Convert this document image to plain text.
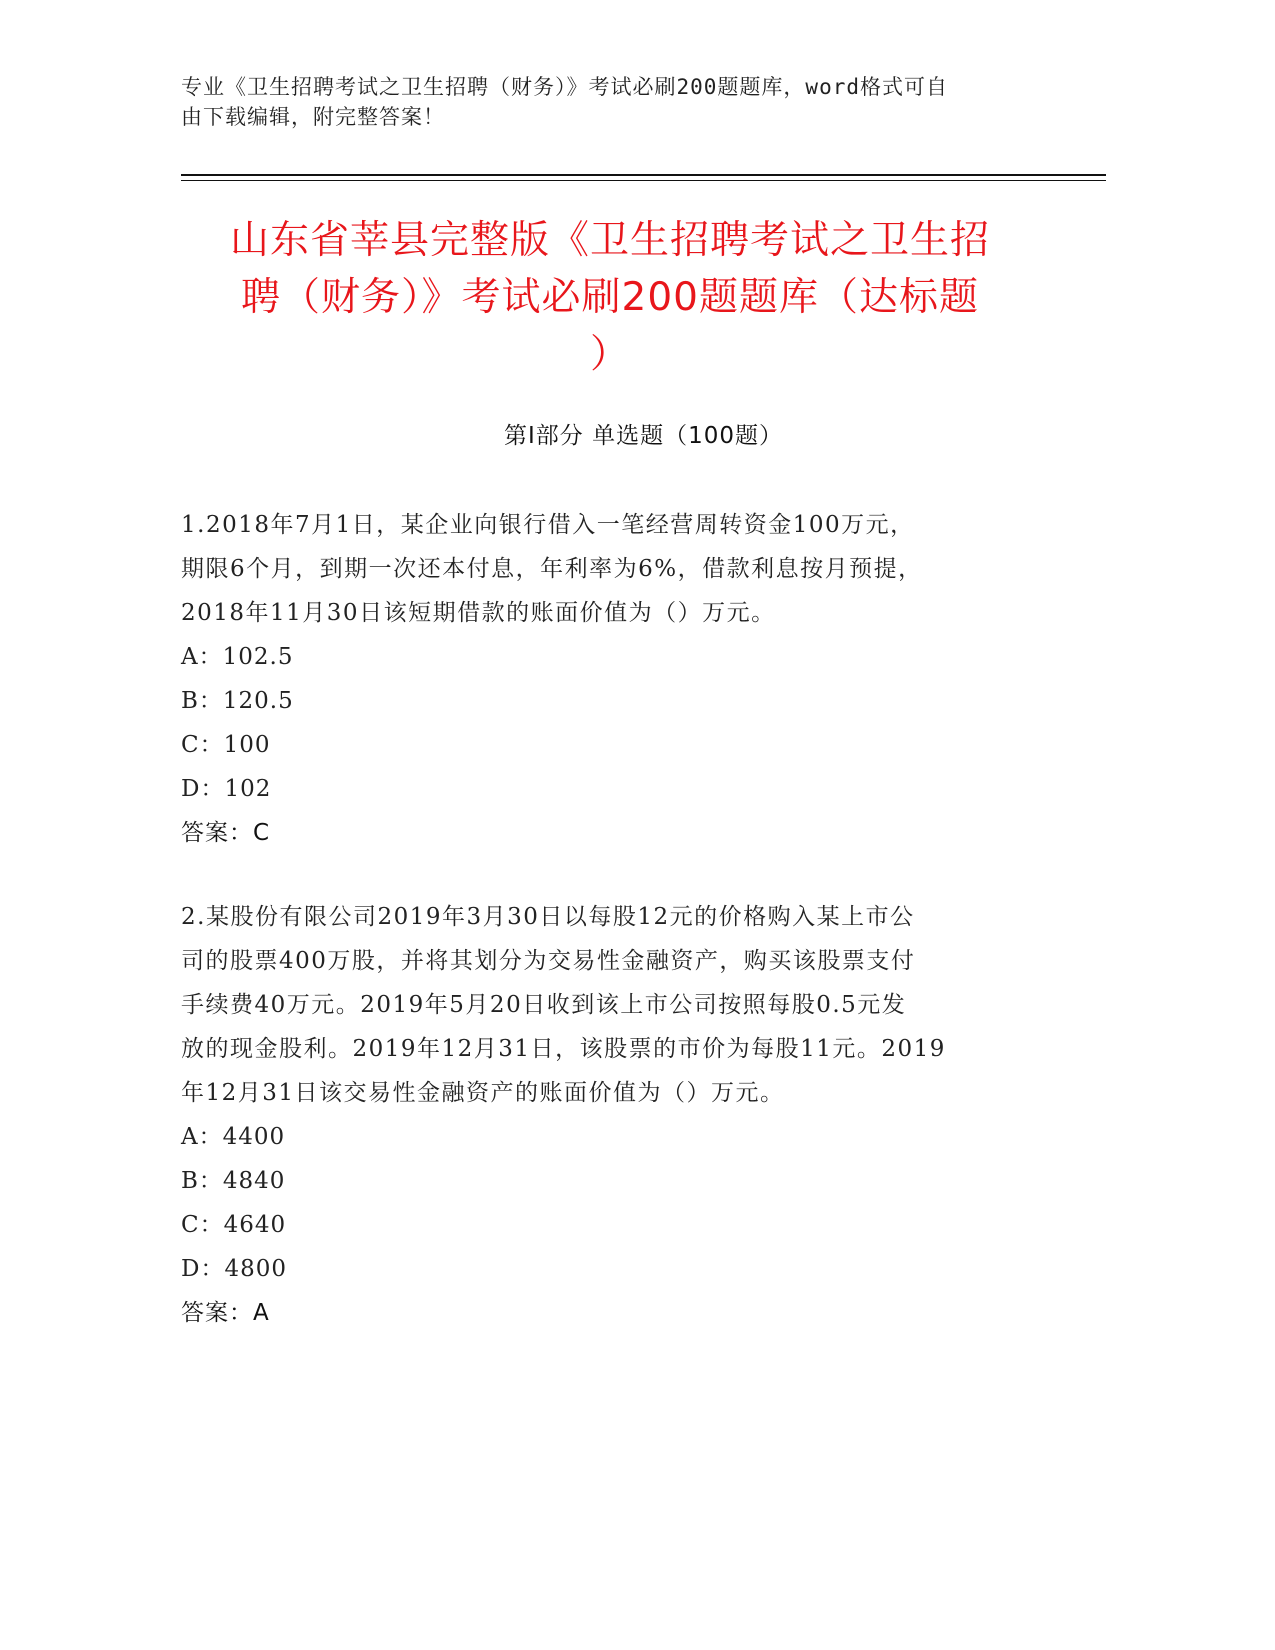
专业《卫生招聘考试之卫生招聘（财务）》考试必刷200题题库，word格式可自
由下载编辑，附完整答案！
山东省莘县完整版《卫生招聘考试之卫生招
聘（财务）》考试必刷200题题库（达标题
）
第I部分 单选题（100题）
1.2018年7月1日，某企业向银行借入一笔经营周转资金100万元，
期限6个月，到期一次还本付息，年利率为6%，借款利息按月预提，
2018年11月30日该短期借款的账面价值为（）万元。
A：102.5
B：120.5
C：100
D：102
答案：C
2.某股份有限公司2019年3月30日以每股12元的价格购入某上市公
司的股票400万股，并将其划分为交易性金融资产，购买该股票支付
手续费40万元。2019年5月20日收到该上市公司按照每股0.5元发
放的现金股利。2019年12月31日，该股票的市价为每股11元。2019
年12月31日该交易性金融资产的账面价值为（）万元。
A：4400
B：4840
C：4640
D：4800
答案：A
